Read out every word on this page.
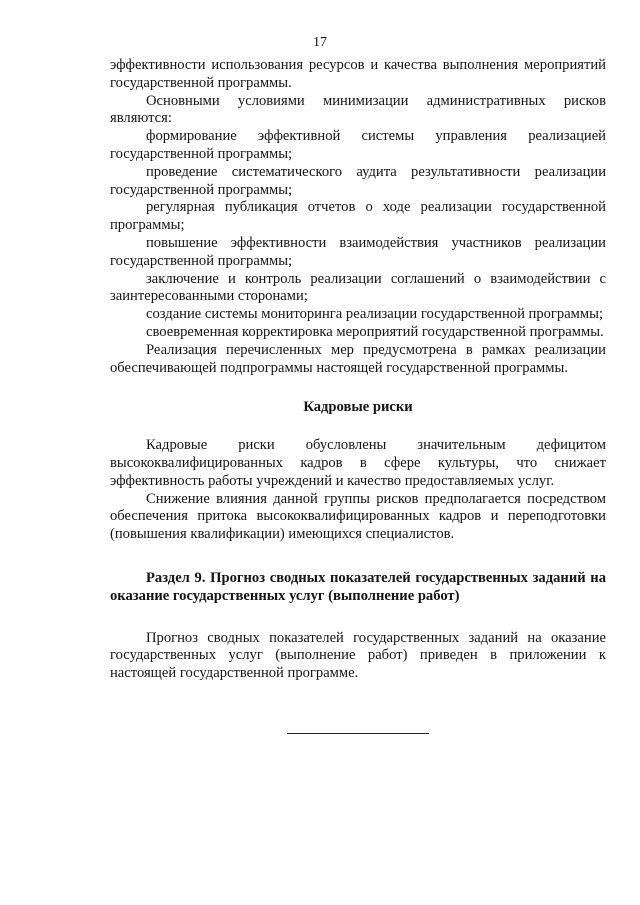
17

эффективности использования ресурсов и качества выполнения мероприятий государственной программы.

Основными условиями минимизации административных рисков являются:

формирование эффективной системы управления реализацией государственной программы;

проведение систематического аудита результативности реализации государственной программы;

регулярная публикация отчетов о ходе реализации государственной программы;

повышение эффективности взаимодействия участников реализации государственной программы;

заключение и контроль реализации соглашений о взаимодействии с заинтересованными сторонами;

создание системы мониторинга реализации государственной программы;

своевременная корректировка мероприятий государственной программы.

Реализация перечисленных мер предусмотрена в рамках реализации обеспечивающей подпрограммы настоящей государственной программы.

Кадровые риски

Кадровые риски обусловлены значительным дефицитом высококвалифицированных кадров в сфере культуры, что снижает эффективность работы учреждений и качество предоставляемых услуг.

Снижение влияния данной группы рисков предполагается посредством обеспечения притока высококвалифицированных кадров и переподготовки (повышения квалификации) имеющихся специалистов.

Раздел 9. Прогноз сводных показателей государственных заданий на оказание государственных услуг (выполнение работ)

Прогноз сводных показателей государственных заданий на оказание государственных услуг (выполнение работ) приведен в приложении к настоящей государственной программе.
